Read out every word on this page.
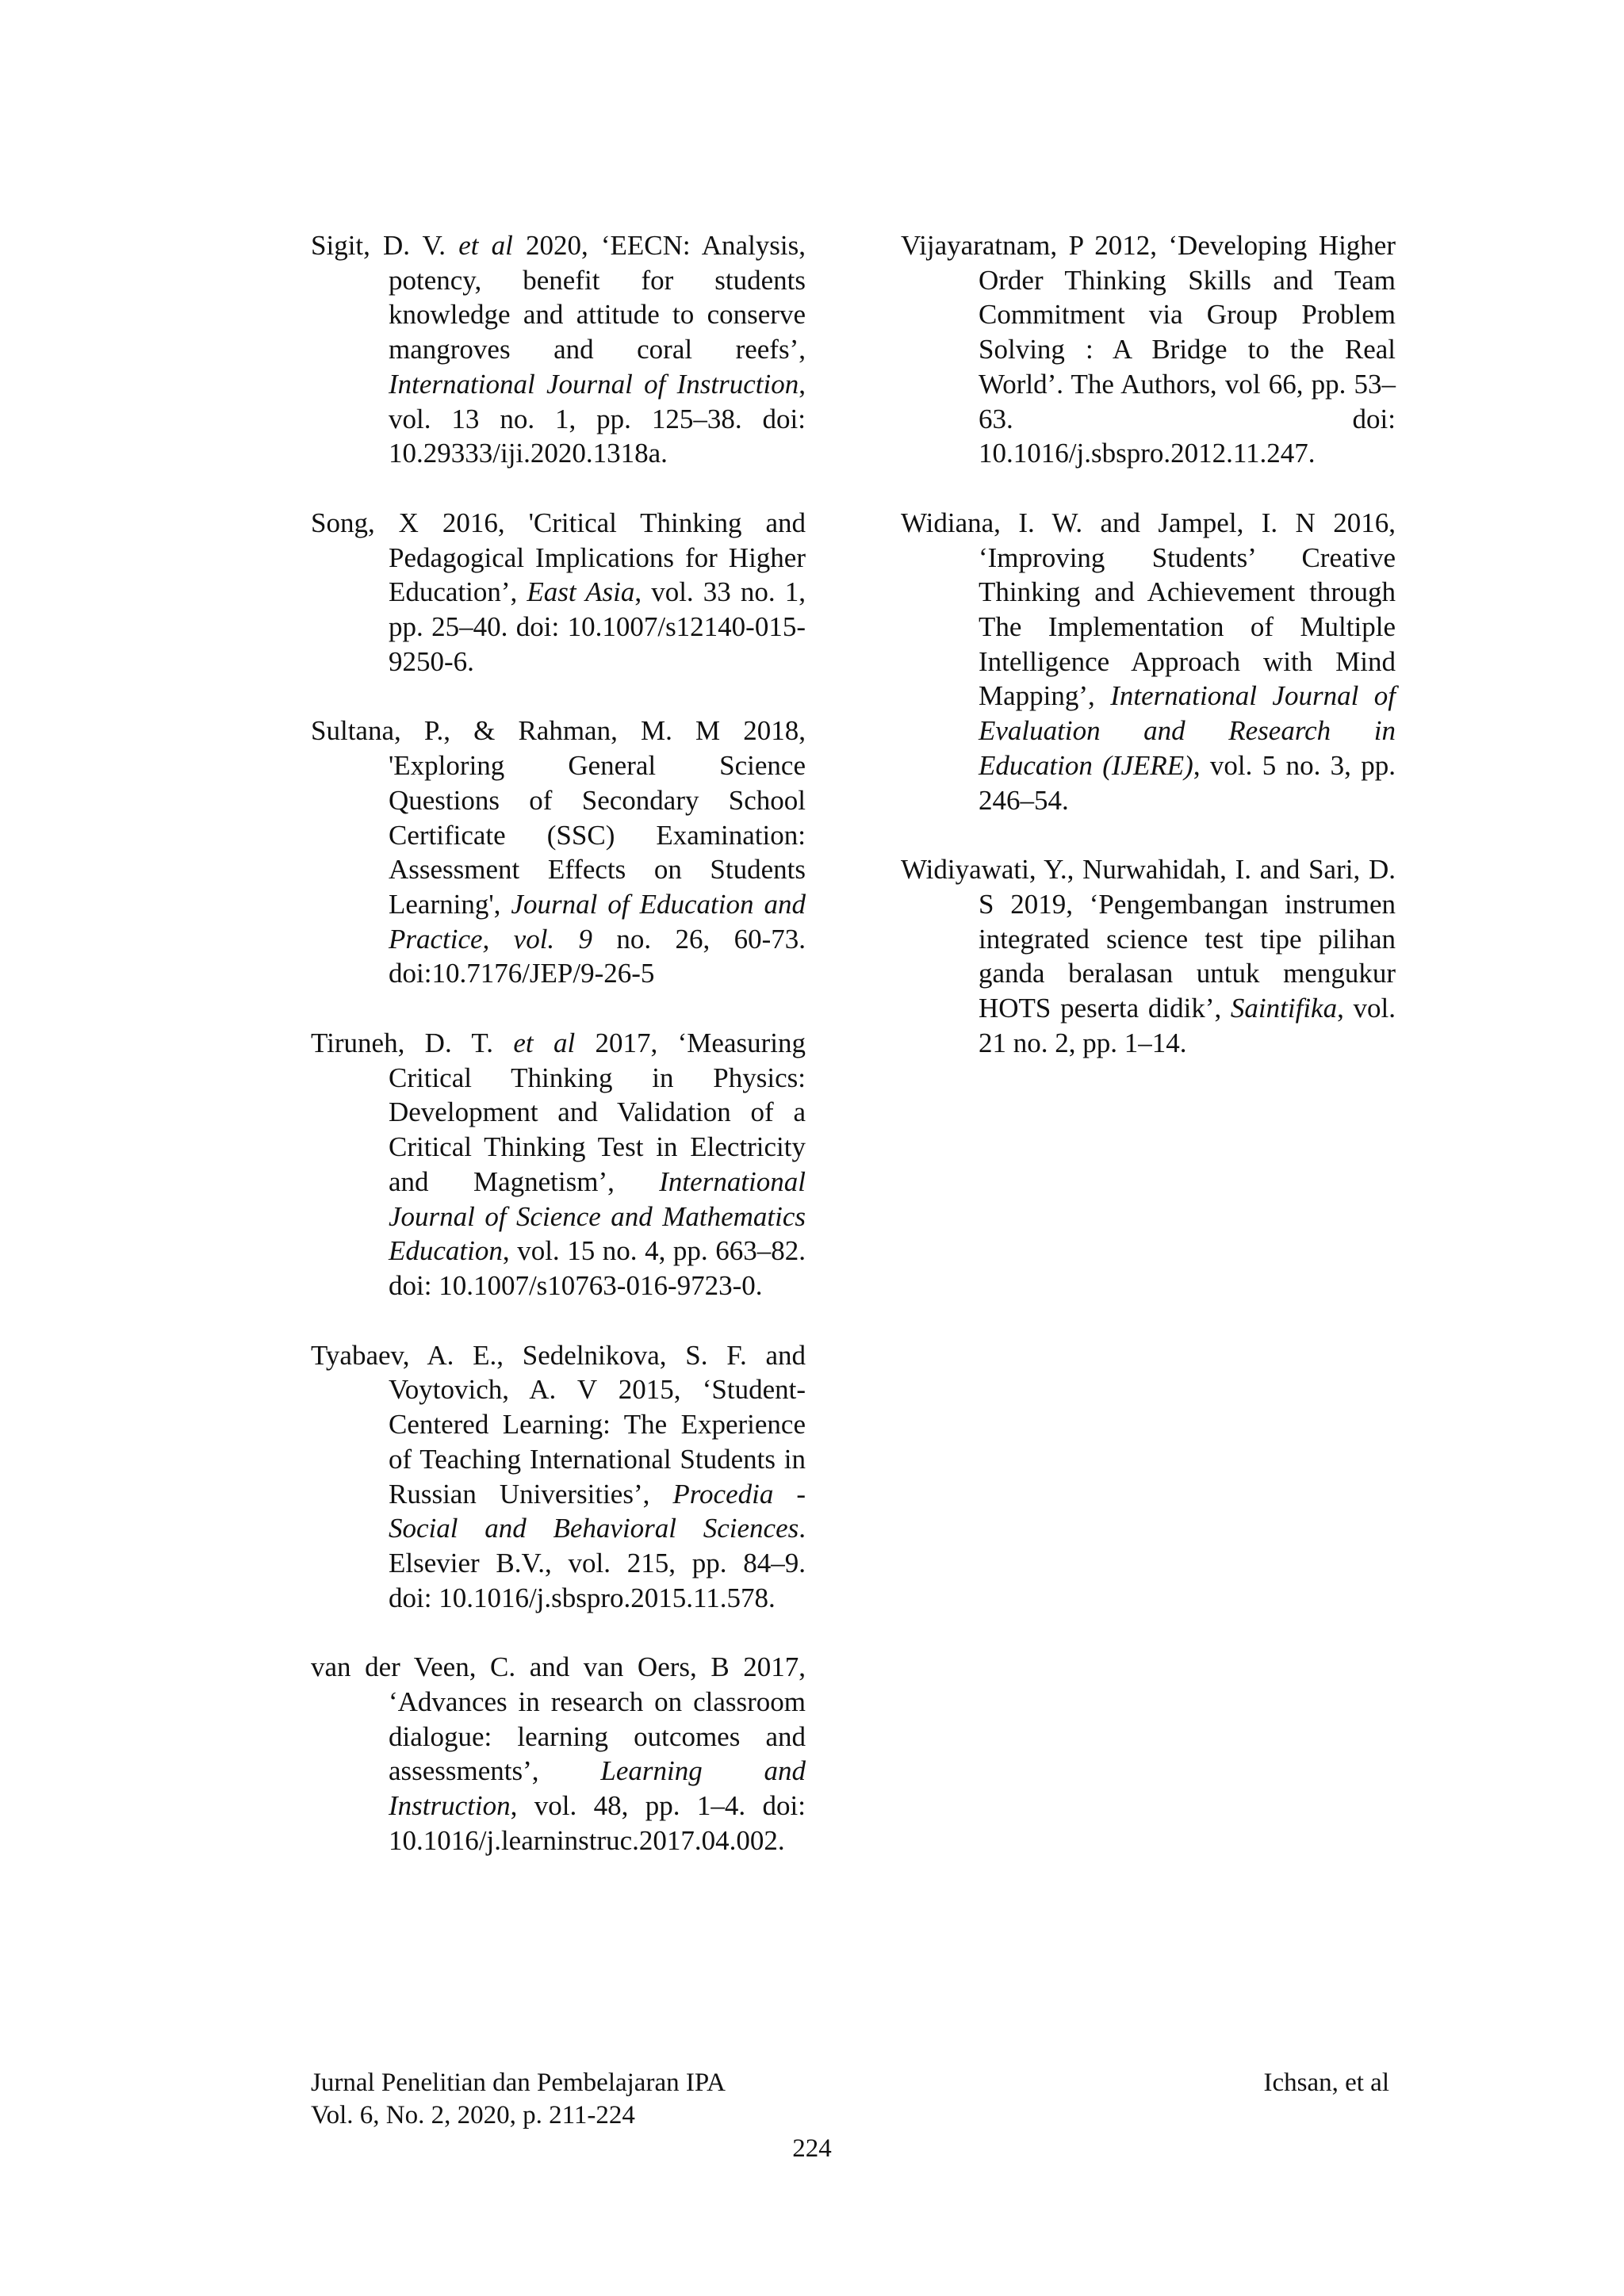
Sigit, D. V. et al 2020, ‘EECN: Analysis, potency, benefit for students knowledge and attitude to conserve mangroves and coral reefs’, International Journal of Instruction, vol. 13 no. 1, pp. 125–38. doi: 10.29333/iji.2020.1318a.

Song, X 2016, 'Critical Thinking and Pedagogical Implications for Higher Education’, East Asia, vol. 33 no. 1, pp. 25–40. doi: 10.1007/s12140-015-9250-6.

Sultana, P., & Rahman, M. M 2018, 'Exploring General Science Questions of Secondary School Certificate (SSC) Examination: Assessment Effects on Students Learning', Journal of Education and Practice, vol. 9 no. 26, 60-73. doi:10.7176/JEP/9-26-5

Tiruneh, D. T. et al 2017, ‘Measuring Critical Thinking in Physics: Development and Validation of a Critical Thinking Test in Electricity and Magnetism’, International Journal of Science and Mathematics Education, vol. 15 no. 4, pp. 663–82. doi: 10.1007/s10763-016-9723-0.

Tyabaev, A. E., Sedelnikova, S. F. and Voytovich, A. V 2015, ‘Student-Centered Learning: The Experience of Teaching International Students in Russian Universities’, Procedia - Social and Behavioral Sciences. Elsevier B.V., vol. 215, pp. 84–9. doi: 10.1016/j.sbspro.2015.11.578.

van der Veen, C. and van Oers, B 2017, ‘Advances in research on classroom dialogue: learning outcomes and assessments’, Learning and Instruction, vol. 48, pp. 1–4. doi: 10.1016/j.learninstruc.2017.04.002.

Vijayaratnam, P 2012, ‘Developing Higher Order Thinking Skills and Team Commitment via Group Problem Solving : A Bridge to the Real World’. The Authors, vol 66, pp. 53–63. doi: 10.1016/j.sbspro.2012.11.247.

Widiana, I. W. and Jampel, I. N 2016, ‘Improving Students’ Creative Thinking and Achievement through The Implementation of Multiple Intelligence Approach with Mind Mapping’, International Journal of Evaluation and Research in Education (IJERE), vol. 5 no. 3, pp. 246–54.

Widiyawati, Y., Nurwahidah, I. and Sari, D. S 2019, ‘Pengembangan instrumen integrated science test tipe pilihan ganda beralasan untuk mengukur HOTS peserta didik’, Saintifika, vol. 21 no. 2, pp. 1–14.

Jurnal Penelitian dan Pembelajaran IPA
Vol. 6, No. 2, 2020, p. 211-224
Ichsan, et al
224
